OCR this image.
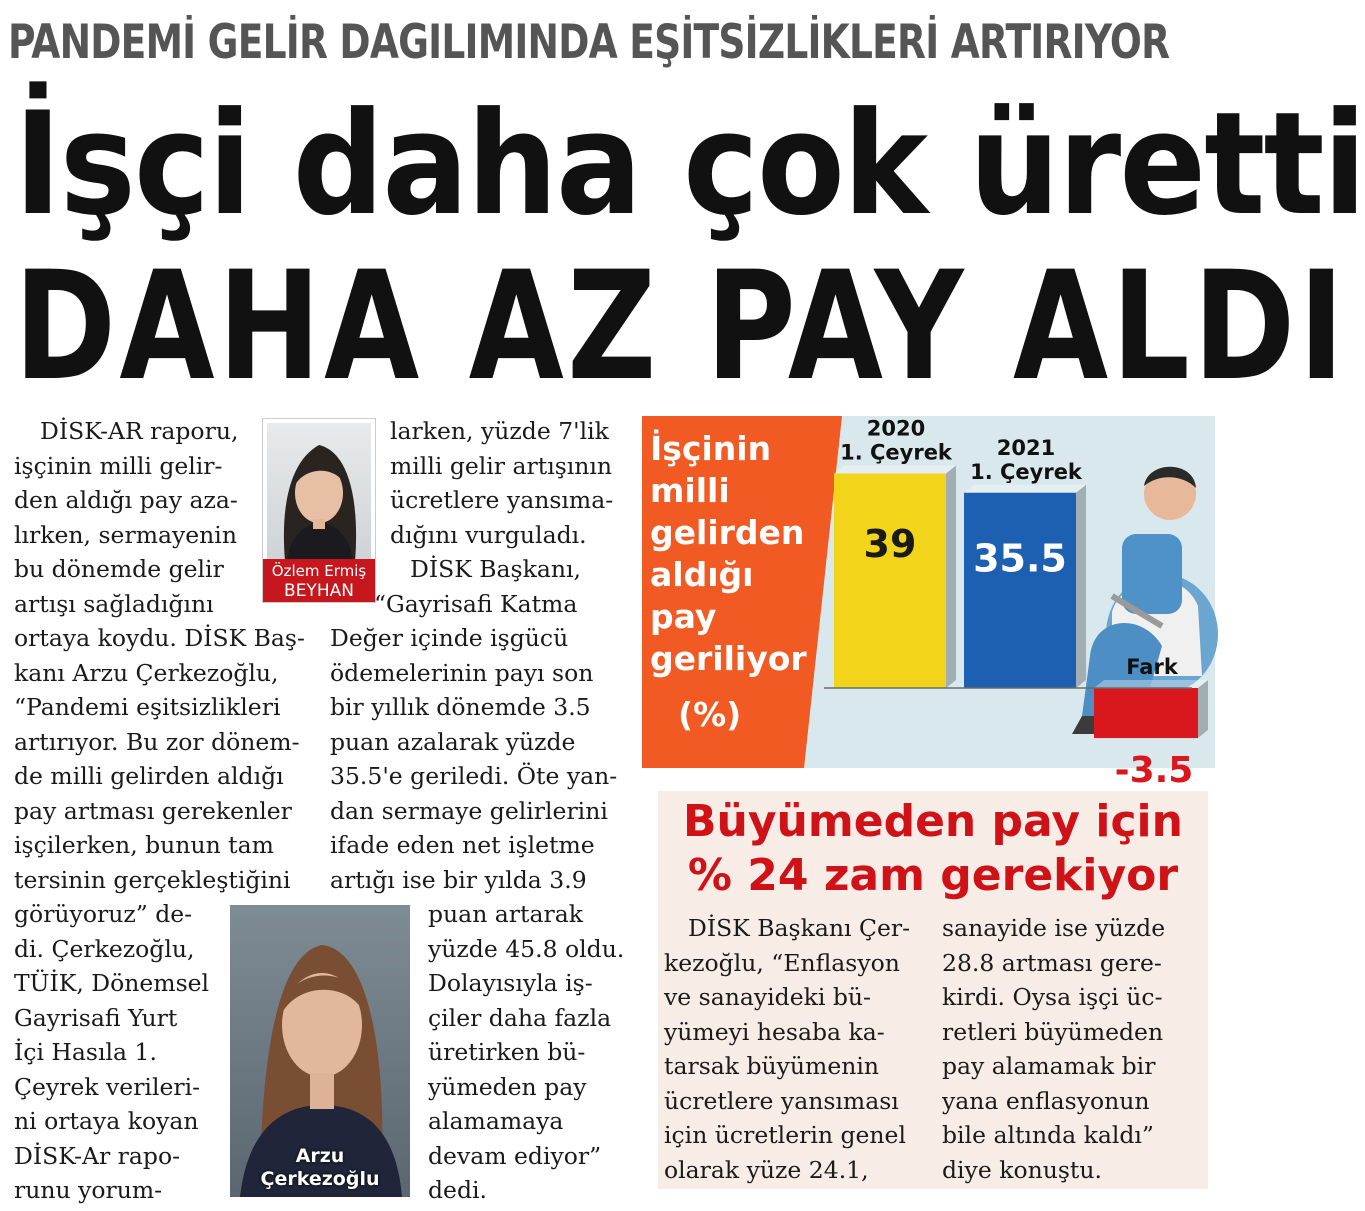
PANDEMİ GELİR DAGILIMINDA EŞİTSİZLİKLERİ ARTIRIYOR
İşçi daha çok üretti
DAHA AZ PAY ALDI
DİSK-AR raporu,
işçinin milli gelir-
den aldığı pay aza-
lırken, sermayenin
bu dönemde gelir
artışı sağladığını
ortaya koydu. DİSK Baş-
kanı Arzu Çerkezoğlu,
“Pandemi eşitsizlikleri
artırıyor. Bu zor dönem-
de milli gelirden aldığı
pay artması gerekenler
işçilerken, bunun tam
tersinin gerçekleştiğini
görüyoruz” de-
di. Çerkezoğlu,
TÜİK, Dönemsel
Gayrisafi Yurt
İçi Hasıla 1.
Çeyrek verileri-
ni ortaya koyan
DİSK-Ar rapo-
runu yorum-
Özlem Ermiş
BEYHAN
larken, yüzde 7'lik
milli gelir artışının
ücretlere yansıma-
dığını vurguladı.
DİSK Başkanı,
“Gayrisafi Katma
Değer içinde işgücü
ödemelerinin payı son
bir yıllık dönemde 3.5
puan azalarak yüzde
35.5'e geriledi. Öte yan-
dan sermaye gelirlerini
ifade eden net işletme
artığı ise bir yılda 3.9
Arzu
Çerkezoğlu
puan artarak
yüzde 45.8 oldu.
Dolayısıyla iş-
çiler daha fazla
üretirken bü-
yümeden pay
alamamaya
devam ediyor”
dedi.
39
2020
1. Çeyrek
35.5
2021
1. Çeyrek
-3.5
Fark
İşçinin
milli
gelirden
aldığı
pay
geriliyor
(%)
Büyümeden pay için
% 24 zam gerekiyor
DİSK Başkanı Çer-
kezoğlu, “Enflasyon
ve sanayideki bü-
yümeyi hesaba ka-
tarsak büyümenin
ücretlere yansıması
için ücretlerin genel
olarak yüze 24.1,
sanayide ise yüzde
28.8 artması gere-
kirdi. Oysa işçi üc-
retleri büyümeden
pay alamamak bir
yana enflasyonun
bile altında kaldı”
diye konuştu.
